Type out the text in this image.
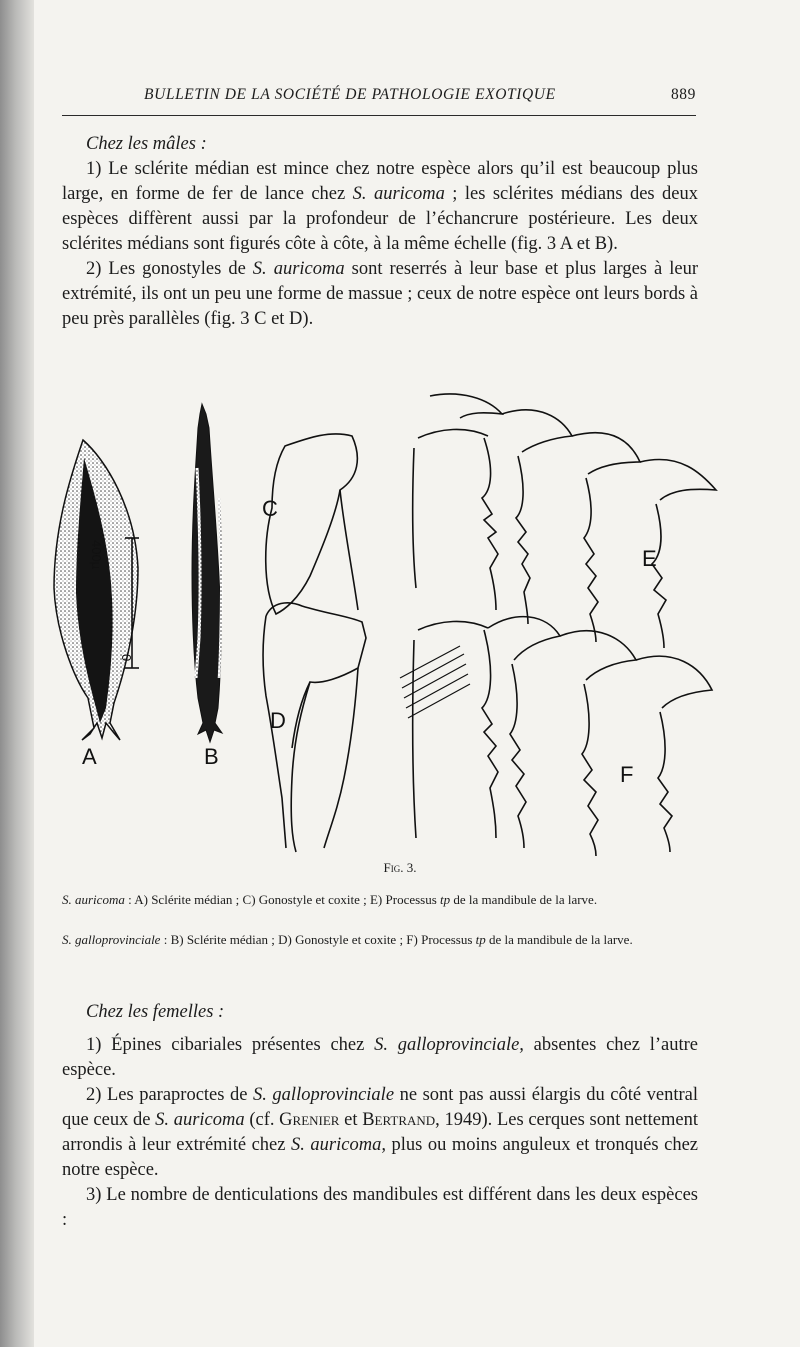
BULLETIN DE LA SOCIÉTÉ DE PATHOLOGIE EXOTIQUE	889

Chez les mâles :

1) Le sclérite médian est mince chez notre espèce alors qu’il est beaucoup plus large, en forme de fer de lance chez S. auricoma ; les sclérites médians des deux espèces diffèrent aussi par la profondeur de l’échancrure postérieure. Les deux sclérites médians sont figurés côte à côte, à la même échelle (fig. 3 A et B).

2) Les gonostyles de S. auricoma sont reserrés à leur base et plus larges à leur extrémité, ils ont un peu une forme de massue ; ceux de notre espèce ont leurs bords à peu près parallèles (fig. 3 C et D).

A	B
C
D
E
F
400µ
0
Fig. 3.
S. auricoma : A) Sclérite médian ; C) Gonostyle et coxite ; E) Processus tp de la mandibule de la larve.
S. galloprovinciale : B) Sclérite médian ; D) Gonostyle et coxite ; F) Processus tp de la mandibule de la larve.

Chez les femelles :

1) Épines cibariales présentes chez S. galloprovinciale, absentes chez l’autre espèce.

2) Les paraproctes de S. galloprovinciale ne sont pas aussi élargis du côté ventral que ceux de S. auricoma (cf. Grenier et Bertrand, 1949). Les cerques sont nettement arrondis à leur extrémité chez S. auricoma, plus ou moins anguleux et tronqués chez notre espèce.

3) Le nombre de denticulations des mandibules est différent dans les deux espèces :
